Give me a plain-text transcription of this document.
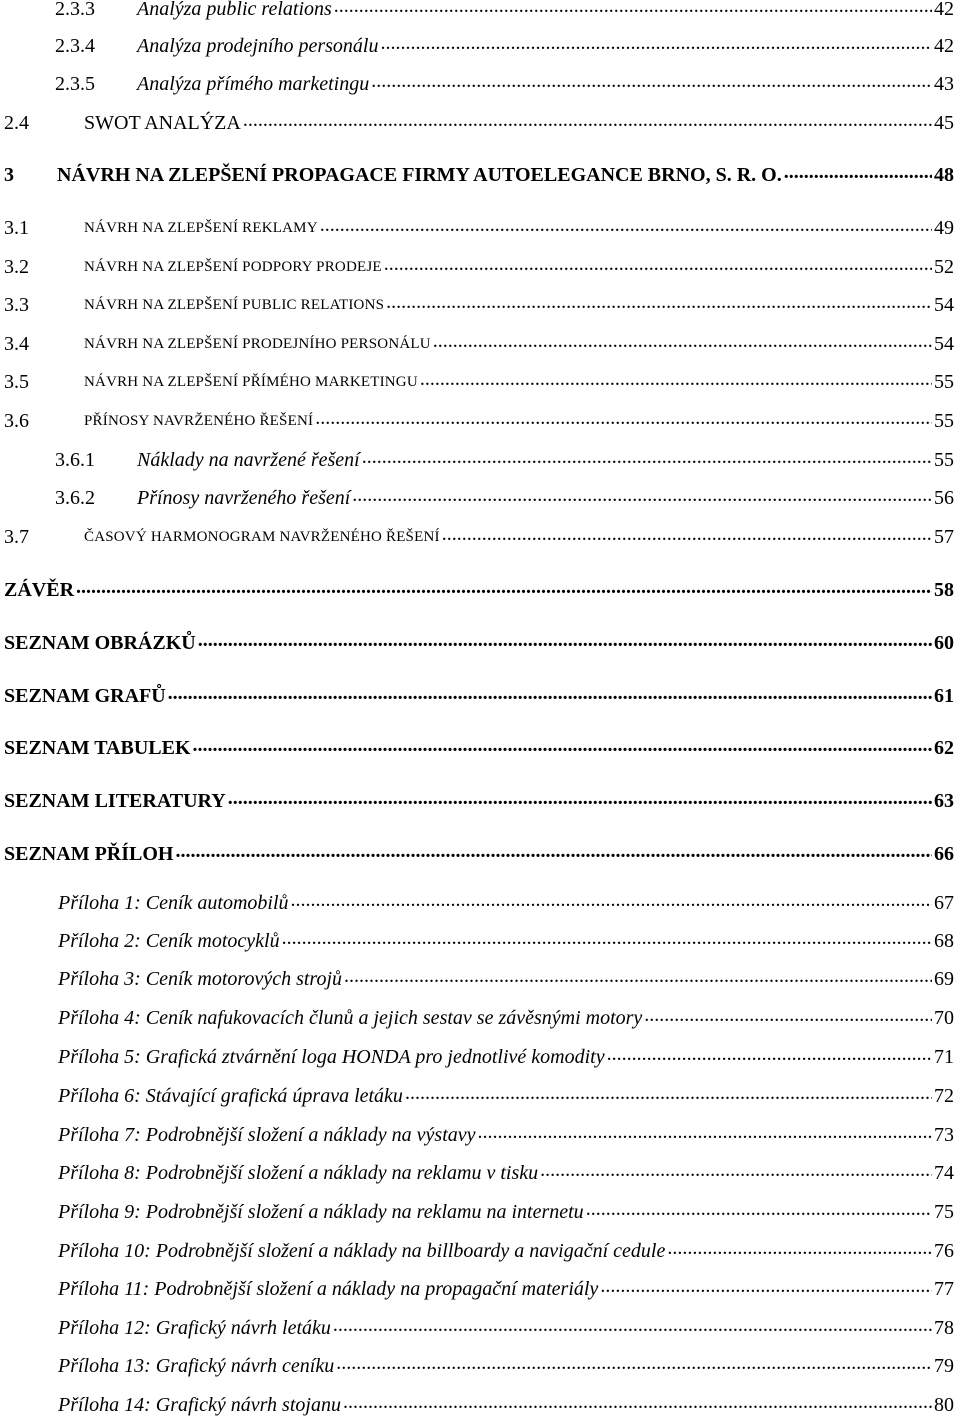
2.3.3	Analýza public relations .....	42
2.3.4	Analýza prodejního personálu .....	42
2.3.5	Analýza přímého marketingu .....	43
2.4	SWOT ANALÝZA .....	45
3	NÁVRH NA ZLEPŠENÍ PROPAGACE FIRMY AUTOELEGANCE BRNO, S. R. O. .....	48
3.1	NÁVRH NA ZLEPŠENÍ REKLAMY .....	49
3.2	NÁVRH NA ZLEPŠENÍ PODPORY PRODEJE .....	52
3.3	NÁVRH NA ZLEPŠENÍ PUBLIC RELATIONS .....	54
3.4	NÁVRH NA ZLEPŠENÍ PRODEJNÍHO PERSONÁLU .....	54
3.5	NÁVRH NA ZLEPŠENÍ PŘÍMÉHO MARKETINGU .....	55
3.6	PŘÍNOSY NAVRŽENÉHO ŘEŠENÍ .....	55
3.6.1	Náklady na navržené řešení .....	55
3.6.2	Přínosy navrženého řešení .....	56
3.7	ČASOVÝ HARMONOGRAM NAVRŽENÉHO ŘEŠENÍ .....	57
ZÁVĚR .....	58
SEZNAM OBRÁZKŮ .....	60
SEZNAM GRAFŮ .....	61
SEZNAM TABULEK .....	62
SEZNAM LITERATURY .....	63
SEZNAM PŘÍLOH .....	66
Příloha 1: Ceník automobilů .....	67
Příloha 2: Ceník motocyklů .....	68
Příloha 3: Ceník motorových strojů .....	69
Příloha 4: Ceník nafukovacích člunů a jejich sestav se závěsnými motory .....	70
Příloha 5: Grafická ztvárnění loga HONDA pro jednotlivé komodity .....	71
Příloha 6: Stávající grafická úprava letáku .....	72
Příloha 7: Podrobnější složení a náklady na výstavy .....	73
Příloha 8: Podrobnější složení a náklady na reklamu v tisku .....	74
Příloha 9: Podrobnější složení a náklady na reklamu na internetu .....	75
Příloha 10: Podrobnější složení a náklady na billboardy a navigační cedule .....	76
Příloha 11: Podrobnější složení a náklady na propagační materiály .....	77
Příloha 12: Grafický návrh letáku .....	78
Příloha 13: Grafický návrh ceníku .....	79
Příloha 14: Grafický návrh stojanu .....	80
